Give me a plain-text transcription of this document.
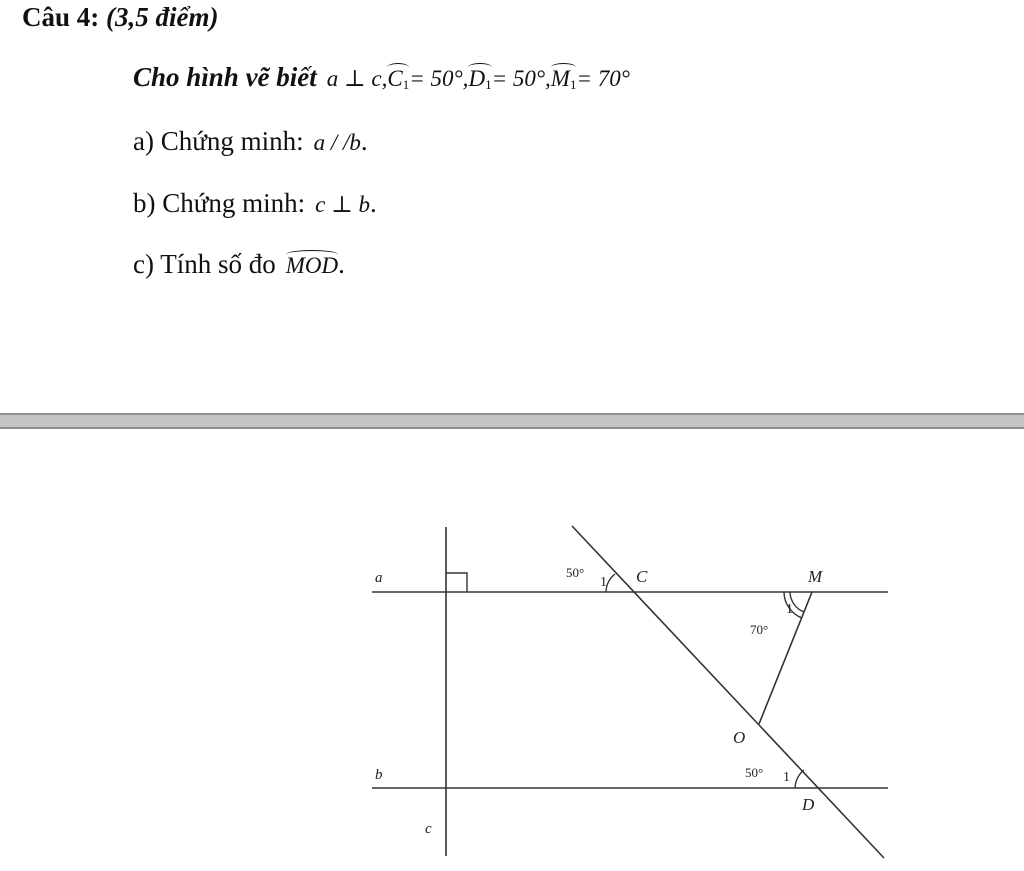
Câu 4: (3,5 điểm)
Cho hình vẽ biết a ⊥ $c,C_1= 50^\circ,D_1= 50^\circ,M_1= 70^\circ$
a) Chứng minh: a / /b.
b) Chứng minh: c ⊥ b.
c) Tính số đo MOD.
a
b
c
C	M
O
D
50°
1
70°
1
50° 1
